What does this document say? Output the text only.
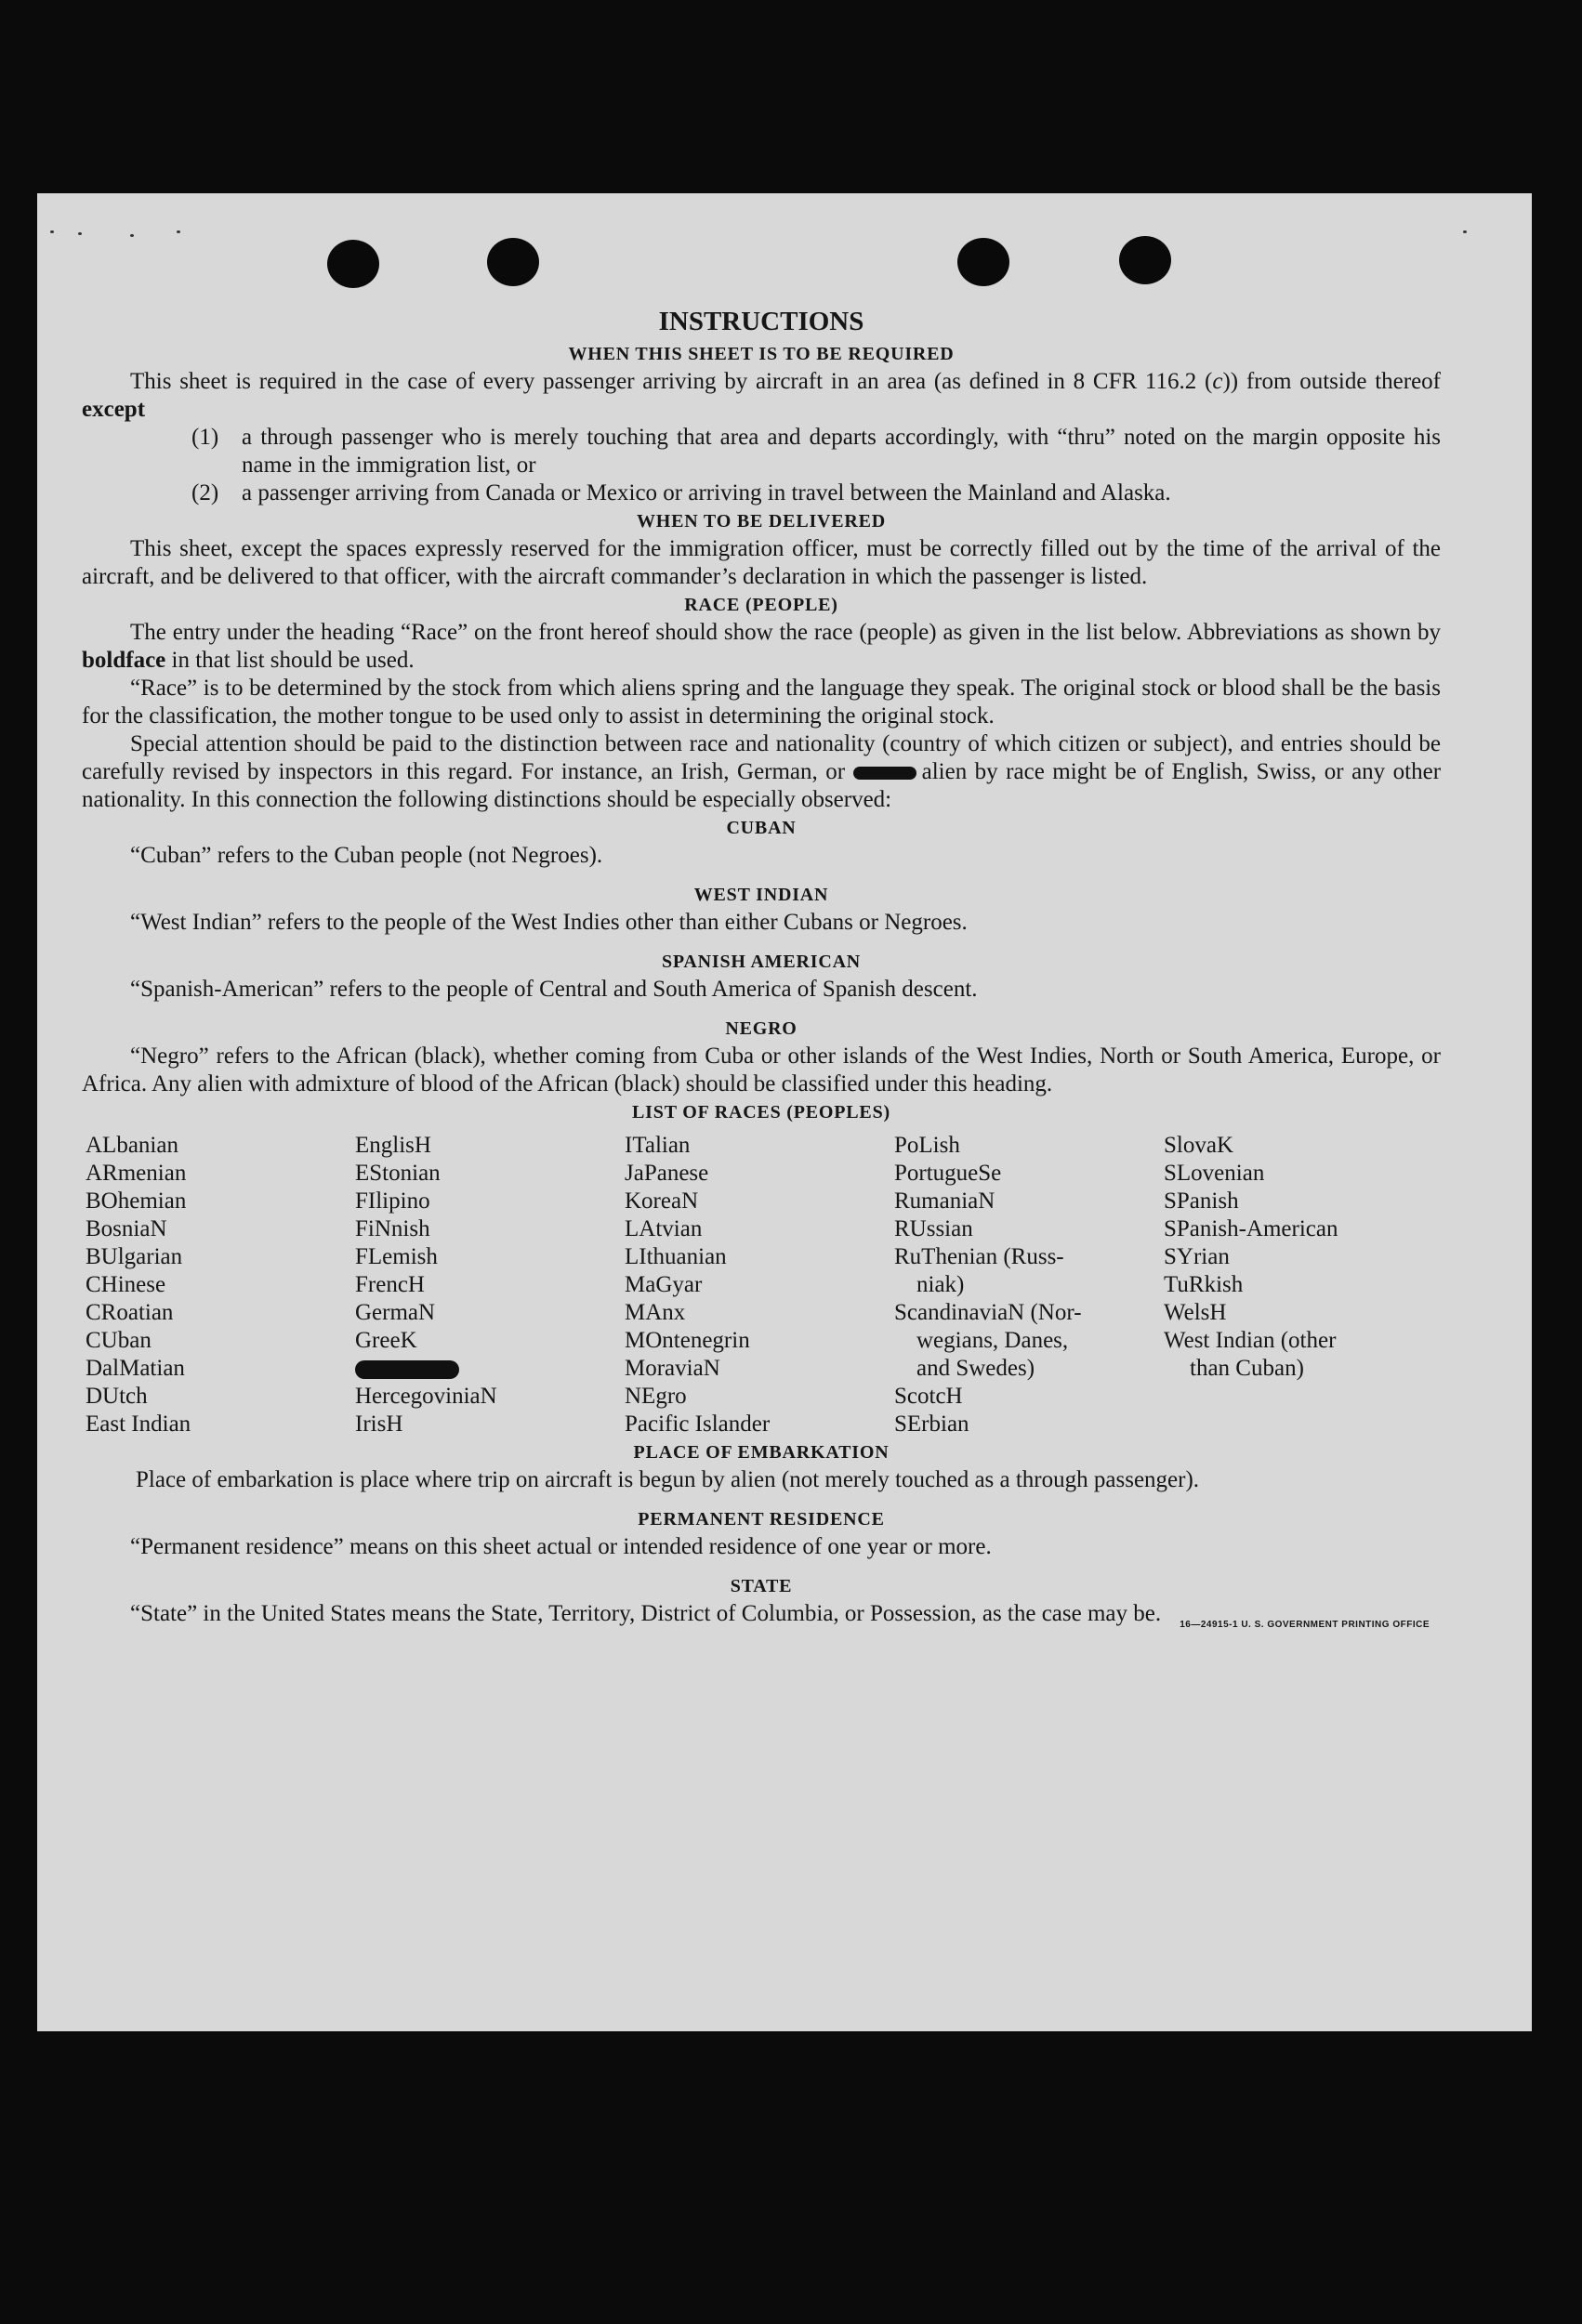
INSTRUCTIONS
WHEN THIS SHEET IS TO BE REQUIRED

This sheet is required in the case of every passenger arriving by aircraft in an area (as defined in 8 CFR 116.2 (c)) from outside thereof except

(1) a through passenger who is merely touching that area and departs accordingly, with “thru” noted on the margin opposite his name in the immigration list, or
(2) a passenger arriving from Canada or Mexico or arriving in travel between the Mainland and Alaska.
WHEN TO BE DELIVERED

This sheet, except the spaces expressly reserved for the immigration officer, must be correctly filled out by the time of the arrival of the aircraft, and be delivered to that officer, with the aircraft commander’s declaration in which the passenger is listed.

RACE (PEOPLE)

The entry under the heading “Race” on the front hereof should show the race (people) as given in the list below. Abbreviations as shown by boldface in that list should be used.

“Race” is to be determined by the stock from which aliens spring and the language they speak. The original stock or blood shall be the basis for the classification, the mother tongue to be used only to assist in determining the original stock.

Special attention should be paid to the distinction between race and nationality (country of which citizen or subject), and entries should be carefully revised by inspectors in this regard. For instance, an Irish, German, or	alien by race might be of English, Swiss, or any other nationality. In this connection the following distinctions should be especially observed:

CUBAN

“Cuban” refers to the Cuban people (not Negroes).

WEST INDIAN

“West Indian” refers to the people of the West Indies other than either Cubans or Negroes.

SPANISH AMERICAN

“Spanish-American” refers to the people of Central and South America of Spanish descent.

NEGRO

“Negro” refers to the African (black), whether coming from Cuba or other islands of the West Indies, North or South America, Europe, or Africa. Any alien with admixture of blood of the African (black) should be classified under this heading.

LIST OF RACES (PEOPLES)
ALbanian
ARmenian
BOhemian
BosniaN
BUlgarian
CHinese
CRoatian
CUban
DalMatian
DUtch
East Indian
EnglisH
EStonian
FIlipino
FiNnish
FLemish
FrencH
GermaN
GreeK
HercegoviniaN
IrisH
ITalian
JaPanese
KoreaN
LAtvian
LIthuanian
MaGyar
MAnx
MOntenegrin
MoraviaN
NEgro
Pacific Islander
PoLish
PortugueSe
RumaniaN
RUssian
RuThenian (Russ-
niak)
ScandinaviaN (Nor-
wegians, Danes,
and Swedes)
ScotcH
SErbian
SlovaK
SLovenian
SPanish
SPanish-American
SYrian
TuRkish
WelsH
West Indian (other
than Cuban)
PLACE OF EMBARKATION

Place of embarkation is place where trip on aircraft is begun by alien (not merely touched as a through passenger).

PERMANENT RESIDENCE

“Permanent residence” means on this sheet actual or intended residence of one year or more.

STATE

“State” in the United States means the State, Territory, District of Columbia, or Possession, as the case may be.	16—24915-1 U. S. GOVERNMENT PRINTING OFFICE
